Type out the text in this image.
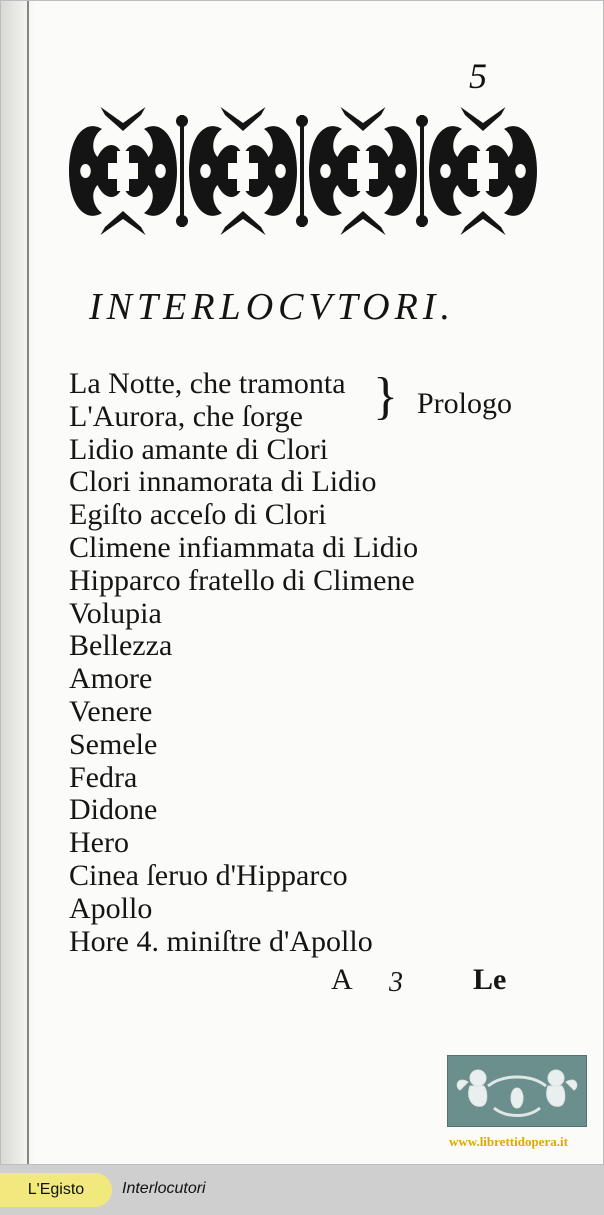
5
INTERLOCVTORI.
La Notte, che tramonta
L'Aurora, che ſorge
Lidio amante di Clori
Clori innamorata di Lidio
Egiſto acceſo di Clori
Climene infiammata di Lidio
Hipparco fratello di Climene
Volupia
Bellezza
Amore
Venere
Semele
Fedra
Didone
Hero
Cinea ſeruo d'Hipparco
Apollo
Hore 4. miniſtre d'Apollo
} Prologo
A 3 Le
www.librettidopera.it
L'Egisto	Interlocutori
